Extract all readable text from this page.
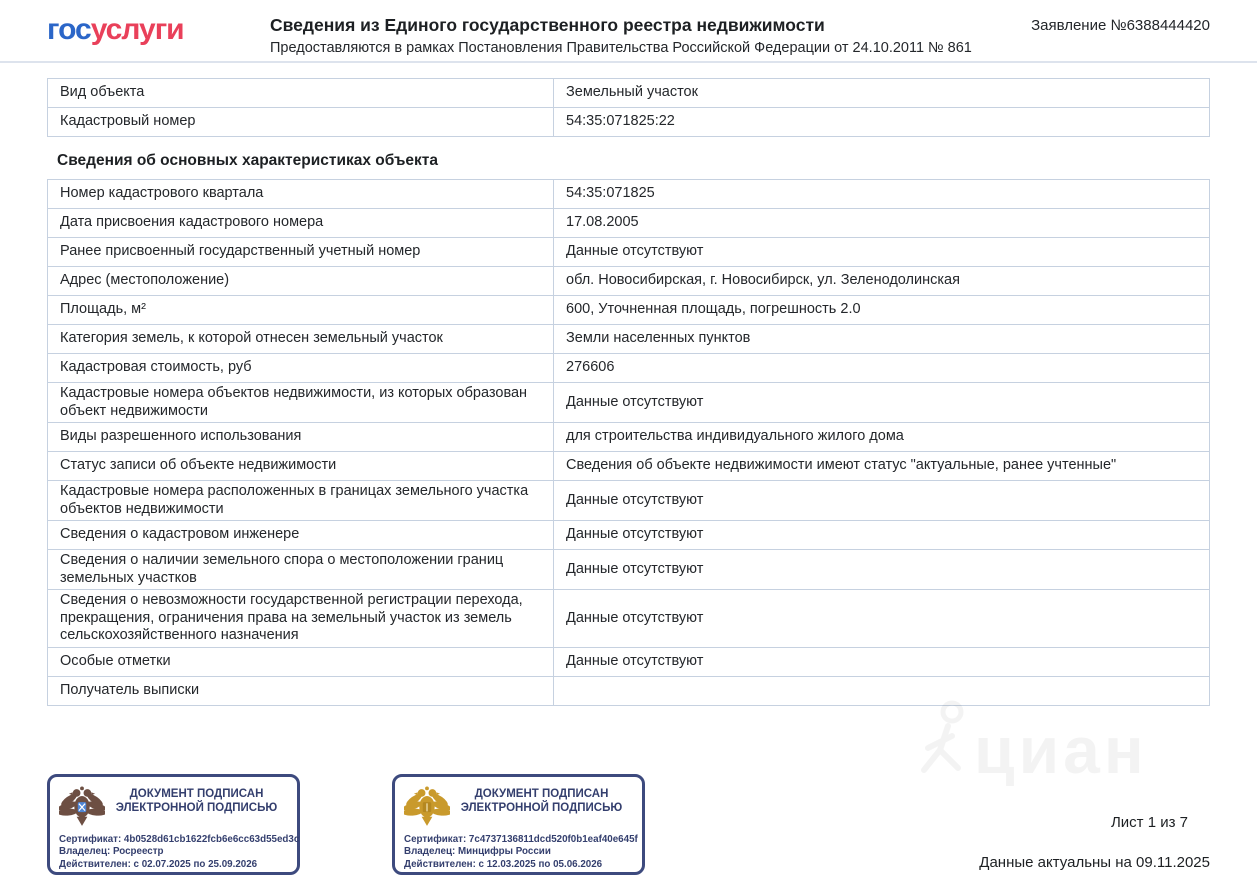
госуслуги	Сведения из Единого государственного реестра недвижимости
Предоставляются в рамках Постановления Правительства Российской Федерации от 24.10.2011 № 861
Заявление №6388444420
Вид объекта	Земельный участок
Кадастровый номер	54:35:071825:22
Сведения об основных характеристиках объекта
Номер кадастрового квартала	54:35:071825
Дата присвоения кадастрового номера	17.08.2005
Ранее присвоенный государственный учетный номер	Данные отсутствуют
Адрес (местоположение)	обл. Новосибирская, г. Новосибирск, ул. Зеленодолинская
Площадь, м²	600, Уточненная площадь, погрешность 2.0
Категория земель, к которой отнесен земельный участок	Земли населенных пунктов
Кадастровая стоимость, руб	276606
Кадастровые номера объектов недвижимости, из которых образован объект недвижимости	Данные отсутствуют
Виды разрешенного использования	для строительства индивидуального жилого дома
Статус записи об объекте недвижимости	Сведения об объекте недвижимости имеют статус "актуальные, ранее учтенные"
Кадастровые номера расположенных в границах земельного участка объектов недвижимости	Данные отсутствуют
Сведения о кадастровом инженере	Данные отсутствуют
Сведения о наличии земельного спора о местоположении границ земельных участков	Данные отсутствуют
Сведения о невозможности государственной регистрации перехода, прекращения, ограничения права на земельный участок из земель сельскохозяйственного назначения	Данные отсутствуют
Особые отметки	Данные отсутствуют
Получатель выписки	
ДОКУМЕНТ ПОДПИСАН ЭЛЕКТРОННОЙ ПОДПИСЬЮ
Сертификат: 4b0528d61cb1622fcb6e6cc63d55ed3c
Владелец: Росреестр
Действителен: с 02.07.2025 по 25.09.2026
ДОКУМЕНТ ПОДПИСАН ЭЛЕКТРОННОЙ ПОДПИСЬЮ
Сертификат: 7c4737136811dcd520f0b1eaf40e645f
Владелец: Минцифры России
Действителен: с 12.03.2025 по 05.06.2026
Лист 1 из 7
Данные актуальны на 09.11.2025
